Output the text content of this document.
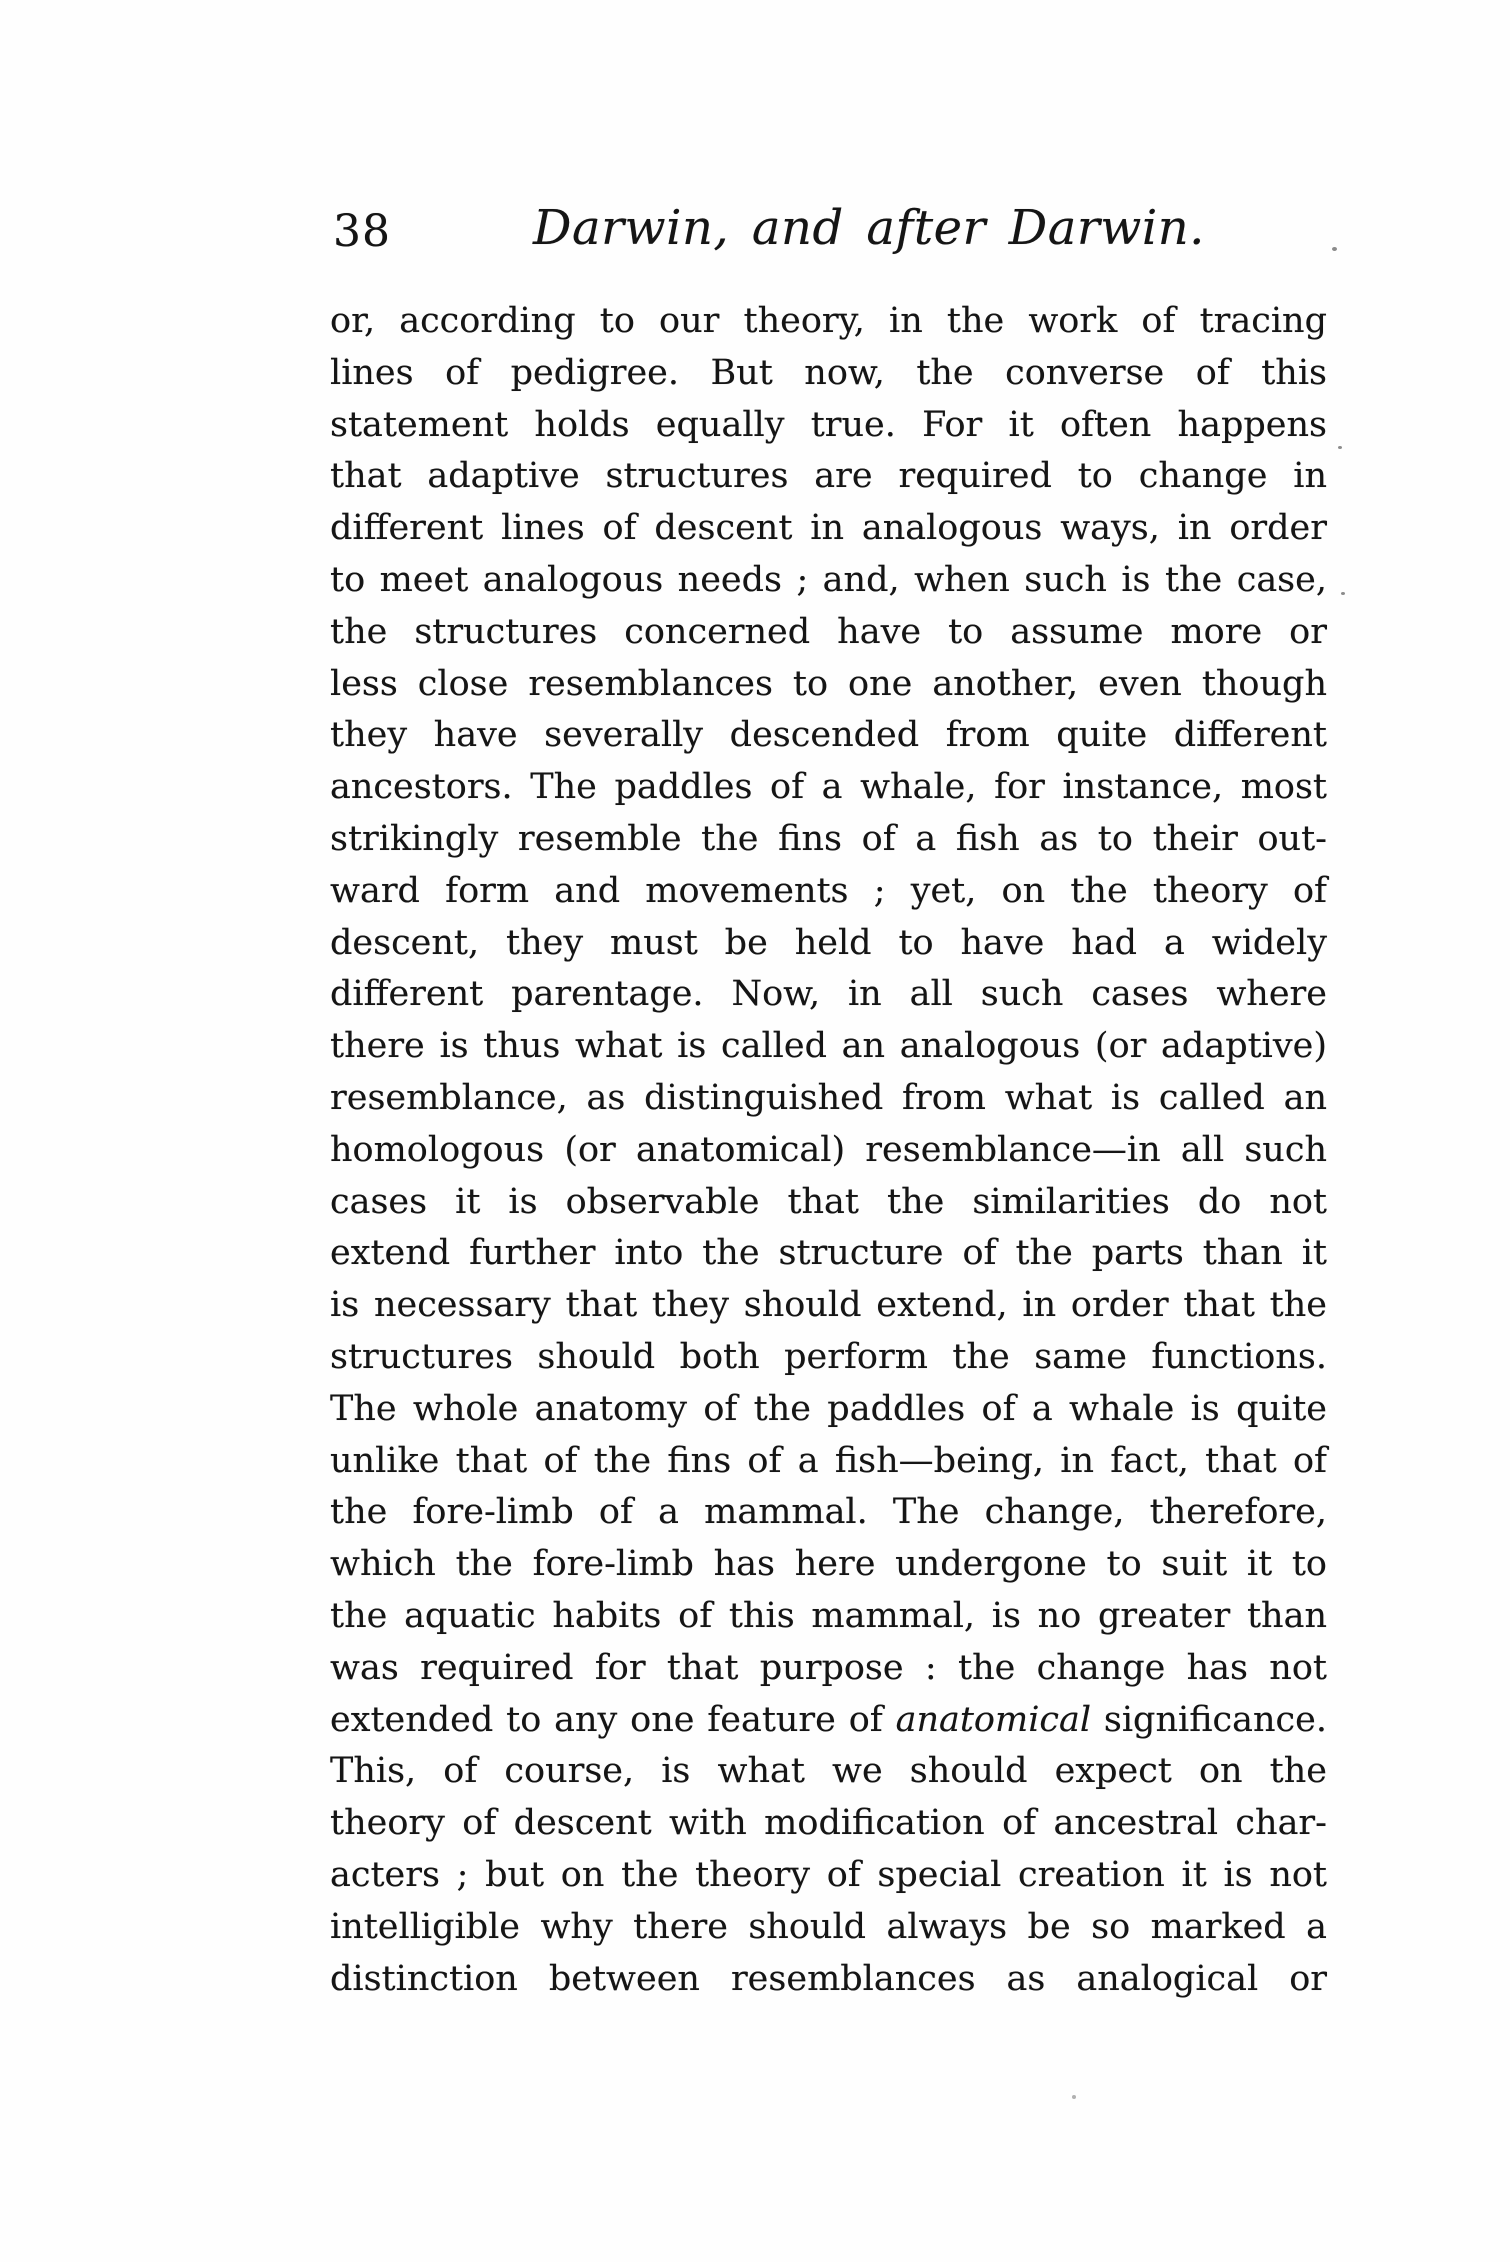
38	Darwin, and after Darwin.
or, according to our theory, in the work of tracing
lines of pedigree. But now, the converse of this
statement holds equally true. For it often happens
that adaptive structures are required to change in
different lines of descent in analogous ways, in order
to meet analogous needs ; and, when such is the case,
the structures concerned have to assume more or
less close resemblances to one another, even though
they have severally descended from quite different
ancestors. The paddles of a whale, for instance, most
strikingly resemble the fins of a fish as to their out-
ward form and movements ; yet, on the theory of
descent, they must be held to have had a widely
different parentage. Now, in all such cases where
there is thus what is called an analogous (or adaptive)
resemblance, as distinguished from what is called an
homologous (or anatomical) resemblance—in all such
cases it is observable that the similarities do not
extend further into the structure of the parts than it
is necessary that they should extend, in order that the
structures should both perform the same functions.
The whole anatomy of the paddles of a whale is quite
unlike that of the fins of a fish—being, in fact, that of
the fore-limb of a mammal. The change, therefore,
which the fore-limb has here undergone to suit it to
the aquatic habits of this mammal, is no greater than
was required for that purpose : the change has not
extended to any one feature of anatomical significance.
This, of course, is what we should expect on the
theory of descent with modification of ancestral char-
acters ; but on the theory of special creation it is not
intelligible why there should always be so marked a
distinction between resemblances as analogical or
